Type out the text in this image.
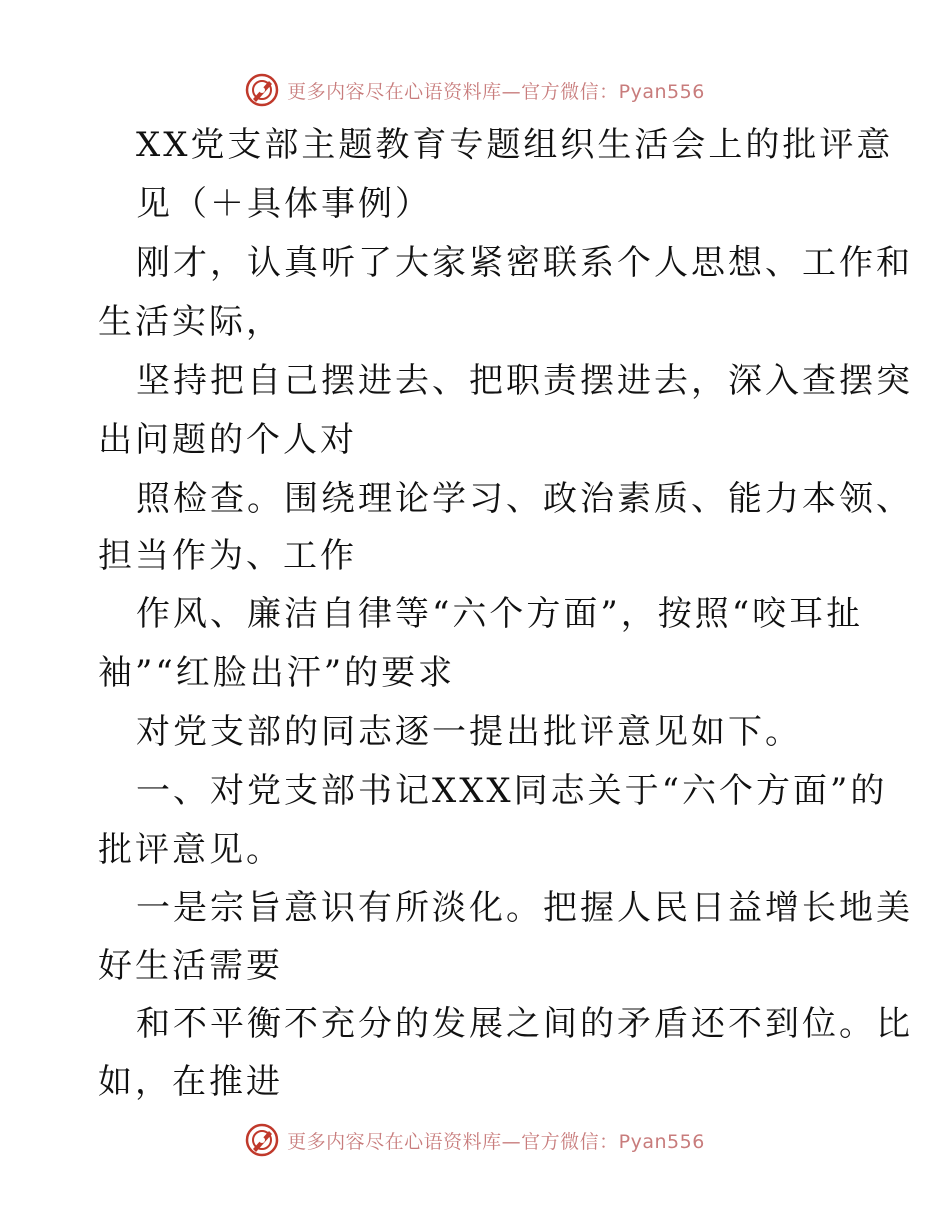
更多内容尽在心语资料库—官方微信：Pyan556
XX党支部主题教育专题组织生活会上的批评意
见（＋具体事例）
刚才，认真听了大家紧密联系个人思想、工作和
生活实际，
坚持把自己摆进去、把职责摆进去，深入查摆突
出问题的个人对
照检查。围绕理论学习、政治素质、能力本领、
担当作为、工作
作风、廉洁自律等“六个方面”，按照“咬耳扯
袖”“红脸出汗”的要求
对党支部的同志逐一提出批评意见如下。
一、对党支部书记XXX同志关于“六个方面”的
批评意见。
一是宗旨意识有所淡化。把握人民日益增长地美
好生活需要
和不平衡不充分的发展之间的矛盾还不到位。比
如，在推进
更多内容尽在心语资料库—官方微信：Pyan556
